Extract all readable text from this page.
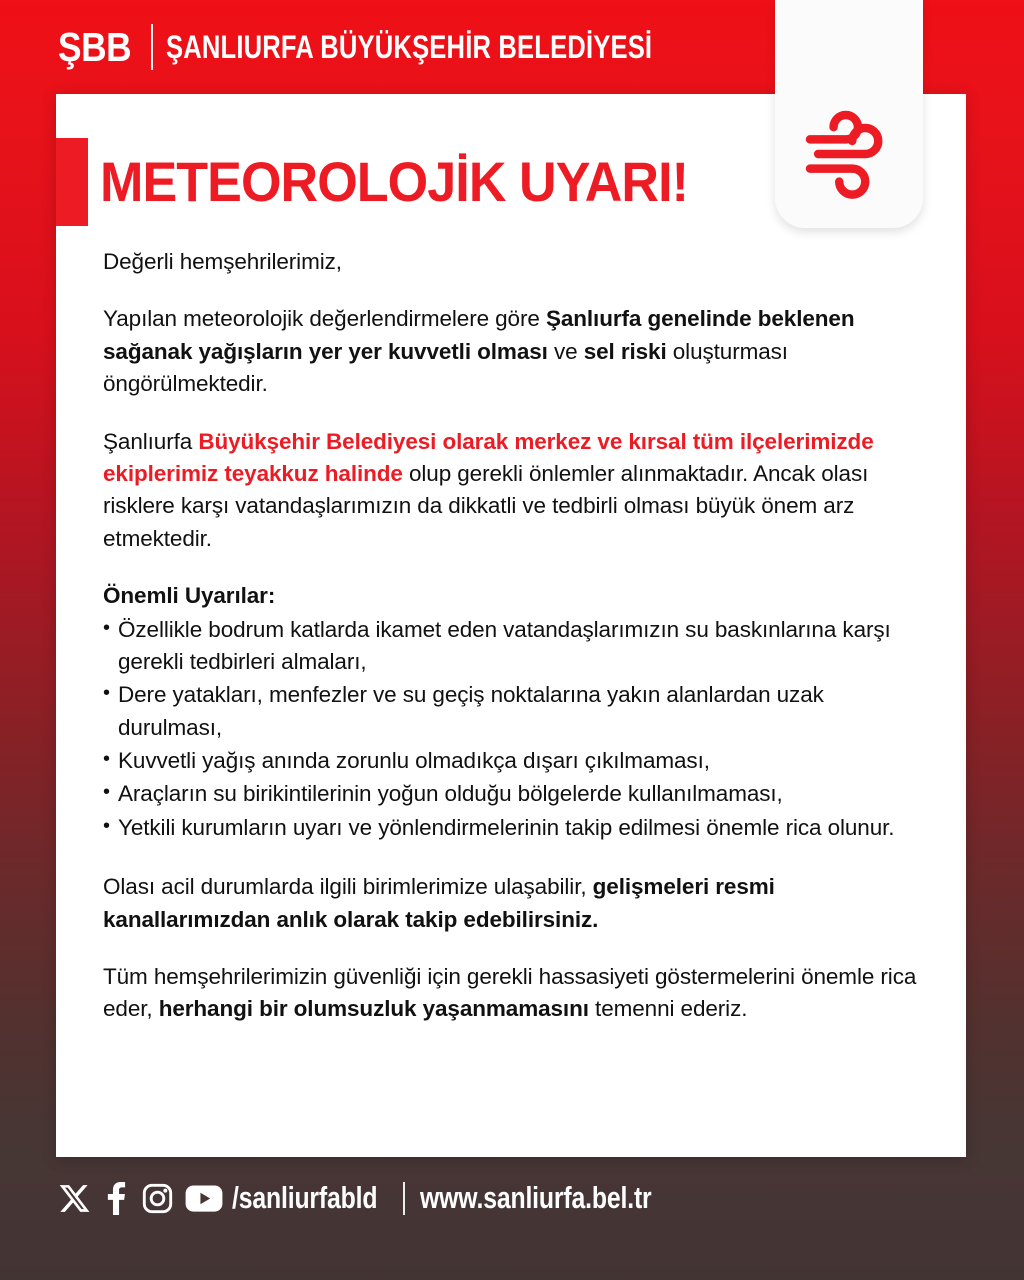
ŞBB ŞANLIURFA BÜYÜKŞEHİR BELEDİYESİ
METEOROLOJİK UYARI!

Değerli hemşehrilerimiz,

Yapılan meteorolojik değerlendirmelere göre Şanlıurfa genelinde beklenen sağanak yağışların yer yer kuvvetli olması ve sel riski oluşturması öngörülmektedir.

Şanlıurfa Büyükşehir Belediyesi olarak merkez ve kırsal tüm ilçelerimizde ekiplerimiz teyakkuz halinde olup gerekli önlemler alınmaktadır. Ancak olası risklere karşı vatandaşlarımızın da dikkatli ve tedbirli olması büyük önem arz etmektedir.

Önemli Uyarılar:
• Özellikle bodrum katlarda ikamet eden vatandaşlarımızın su baskınlarına karşı gerekli tedbirleri almaları,
• Dere yatakları, menfezler ve su geçiş noktalarına yakın alanlardan uzak durulması,
• Kuvvetli yağış anında zorunlu olmadıkça dışarı çıkılmaması,
• Araçların su birikintilerinin yoğun olduğu bölgelerde kullanılmaması,
• Yetkili kurumların uyarı ve yönlendirmelerinin takip edilmesi önemle rica olunur.

Olası acil durumlarda ilgili birimlerimize ulaşabilir, gelişmeleri resmi kanallarımızdan anlık olarak takip edebilirsiniz.

Tüm hemşehrilerimizin güvenliği için gerekli hassasiyeti göstermelerini önemle rica eder, herhangi bir olumsuzluk yaşanmamasını temenni ederiz.

/sanliurfabld www.sanliurfa.bel.tr
